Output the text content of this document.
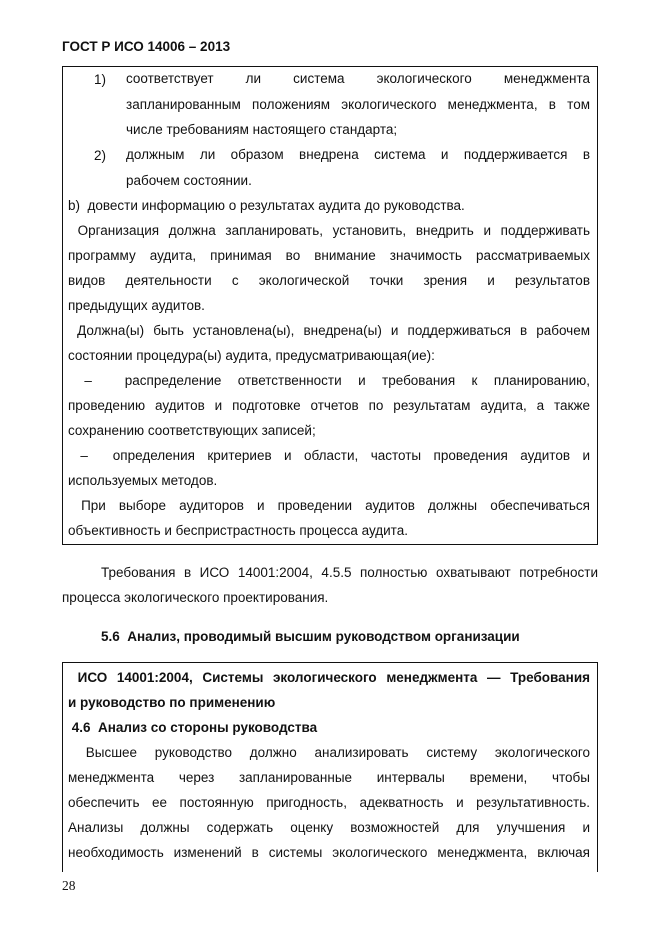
ГОСТ Р ИСО 14006 – 2013
1) соответствует ли система экологического менеджмента
запланированным положениям экологического менеджмента, в том
числе требованиям настоящего стандарта;
2) должным ли образом внедрена система и поддерживается в
рабочем состоянии.
b)  довести информацию о результатах аудита до руководства.
Организация должна запланировать, установить, внедрить и поддерживать
программу аудита, принимая во внимание значимость рассматриваемых
видов деятельности с экологической точки зрения и результатов
предыдущих аудитов.
Должна(ы) быть установлена(ы), внедрена(ы) и поддерживаться в рабочем
состоянии процедура(ы) аудита, предусматривающая(ие):
–  распределение ответственности и требования к планированию,
проведению аудитов и подготовке отчетов по результатам аудита, а также
сохранению соответствующих записей;
–  определения критериев и области, частоты проведения аудитов и
используемых методов.
При выборе аудиторов и проведении аудитов должны обеспечиваться
объективность и беспристрастность процесса аудита.
Требования в ИСО 14001:2004, 4.5.5 полностью охватывают потребности
процесса экологического проектирования.
5.6  Анализ, проводимый высшим руководством организации
ИСО 14001:2004, Системы экологического менеджмента — Требования
и руководство по применению
4.6  Анализ со стороны руководства
Высшее руководство должно анализировать систему экологического
менеджмента через запланированные интервалы времени, чтобы
обеспечить ее постоянную пригодность, адекватность и результативность.
Анализы должны содержать оценку возможностей для улучшения и
необходимость изменений в системы экологического менеджмента, включая
28
